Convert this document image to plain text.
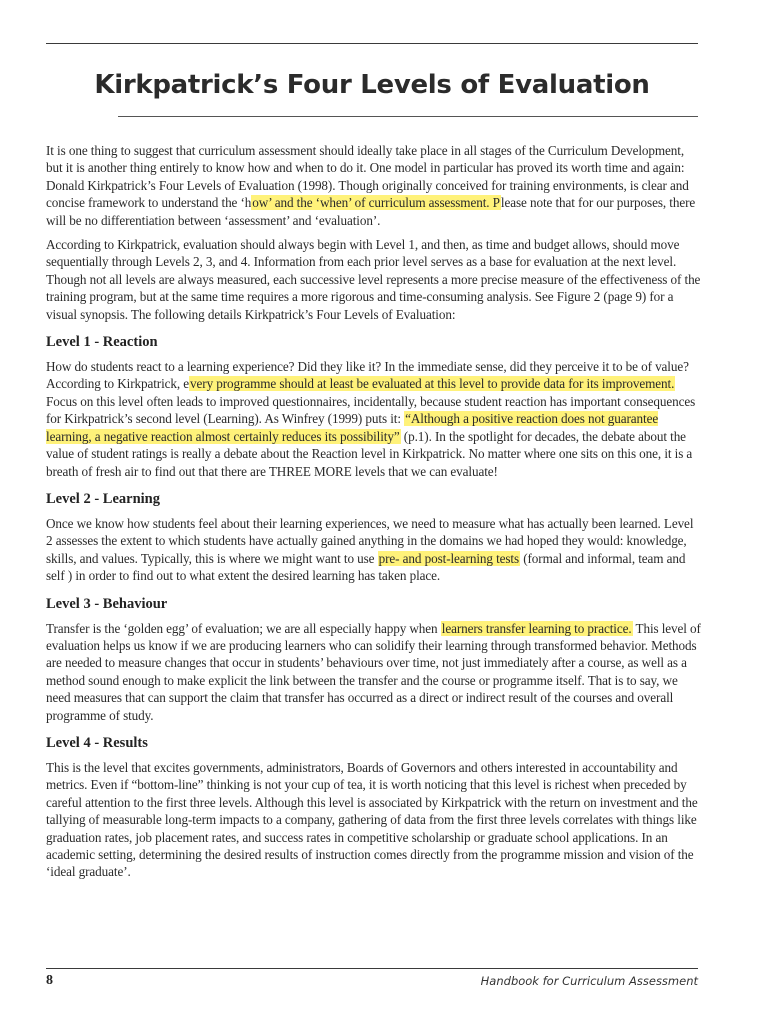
Kirkpatrick’s Four Levels of Evaluation

It is one thing to suggest that curriculum assessment should ideally take place in all stages of the Curriculum Development, but it is another thing entirely to know how and when to do it. One model in particular has proved its worth time and again: Donald Kirkpatrick’s Four Levels of Evaluation (1998). Though originally conceived for training environments, is clear and concise framework to understand the ‘how’ and the ‘when’ of curriculum assessment. Please note that for our purposes, there will be no differentiation between ‘assessment’ and ‘evaluation’.

According to Kirkpatrick, evaluation should always begin with Level 1, and then, as time and budget allows, should move sequentially through Levels 2, 3, and 4. Information from each prior level serves as a base for evaluation at the next level. Though not all levels are always measured, each successive level represents a more precise measure of the effectiveness of the training program, but at the same time requires a more rigorous and time-consuming analysis. See Figure 2 (page 9) for a visual synopsis. The following details Kirkpatrick’s Four Levels of Evaluation:

Level 1 - Reaction

How do students react to a learning experience? Did they like it? In the immediate sense, did they perceive it to be of value? According to Kirkpatrick, every programme should at least be evaluated at this level to provide data for its improvement. Focus on this level often leads to improved questionnaires, incidentally, because student reaction has important consequences for Kirkpatrick’s second level (Learning). As Winfrey (1999) puts it: “Although a positive reaction does not guarantee learning, a negative reaction almost certainly reduces its possibility” (p.1). In the spotlight for decades, the debate about the value of student ratings is really a debate about the Reaction level in Kirkpatrick. No matter where one sits on this one, it is a breath of fresh air to find out that there are THREE MORE levels that we can evaluate!

Level 2 - Learning

Once we know how students feel about their learning experiences, we need to measure what has actually been learned. Level 2 assesses the extent to which students have actually gained anything in the domains we had hoped they would: knowledge, skills, and values. Typically, this is where we might want to use pre- and post-learning tests (formal and informal, team and self ) in order to find out to what extent the desired learning has taken place.

Level 3 - Behaviour

Transfer is the ‘golden egg’ of evaluation; we are all especially happy when learners transfer learning to practice. This level of evaluation helps us know if we are producing learners who can solidify their learning through transformed behavior. Methods are needed to measure changes that occur in students’ behaviours over time, not just immediately after a course, as well as a method sound enough to make explicit the link between the transfer and the course or programme itself. That is to say, we need measures that can support the claim that transfer has occurred as a direct or indirect result of the courses and overall programme of study.

Level 4 - Results

This is the level that excites governments, administrators, Boards of Governors and others interested in accountability and metrics. Even if “bottom-line” thinking is not your cup of tea, it is worth noticing that this level is richest when preceded by careful attention to the first three levels. Although this level is associated by Kirkpatrick with the return on investment and the tallying of measurable long-term impacts to a company, gathering of data from the first three levels correlates with things like graduation rates, job placement rates, and success rates in competitive scholarship or graduate school applications. In an academic setting, determining the desired results of instruction comes directly from the programme mission and vision of the ‘ideal graduate’.

8	Handbook for Curriculum Assessment
